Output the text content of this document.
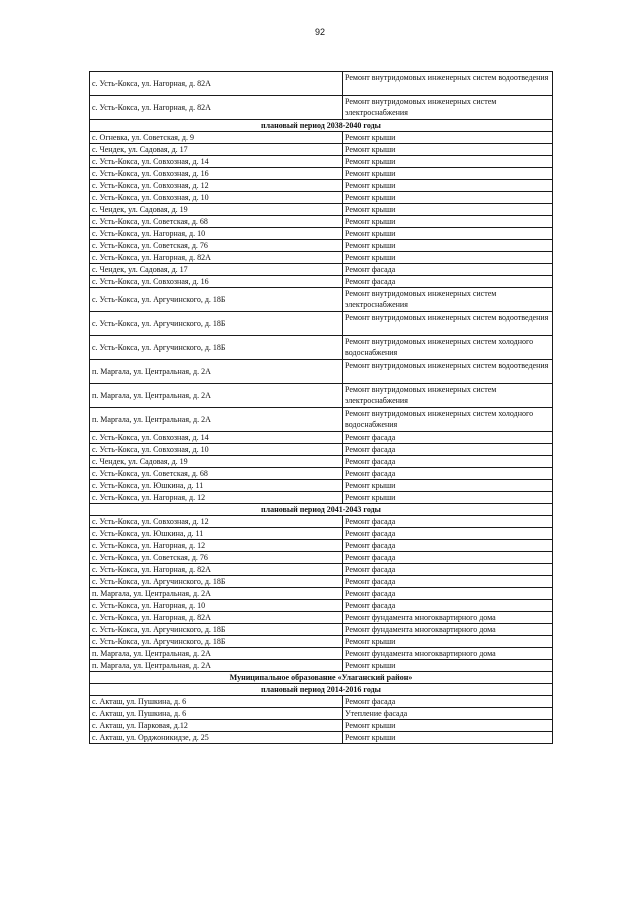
92
с. Усть-Кокса, ул. Нагорная, д. 82А	Ремонт внутридомовых инженерных систем водоотведения
с. Усть-Кокса, ул. Нагорная, д. 82А	Ремонт внутридомовых инженерных систем электроснабжения
плановый период 2038-2040 годы	
с. Огневка, ул. Советская, д. 9	Ремонт крыши
с. Чендек, ул. Садовая, д. 17	Ремонт крыши
с. Усть-Кокса, ул. Совхозная, д. 14	Ремонт крыши
с. Усть-Кокса, ул. Совхозная, д. 16	Ремонт крыши
с. Усть-Кокса, ул. Совхозная, д. 12	Ремонт крыши
с. Усть-Кокса, ул. Совхозная, д. 10	Ремонт крыши
с. Чендек, ул. Садовая, д. 19	Ремонт крыши
с. Усть-Кокса, ул. Советская, д. 68	Ремонт крыши
с. Усть-Кокса, ул. Нагорная, д. 10	Ремонт крыши
с. Усть-Кокса, ул. Советская, д. 76	Ремонт крыши
с. Усть-Кокса, ул. Нагорная, д. 82А	Ремонт крыши
с. Чендек, ул. Садовая, д. 17	Ремонт фасада
с. Усть-Кокса, ул. Совхозная, д. 16	Ремонт фасада
с. Усть-Кокса, ул. Аргучинского, д. 18Б	Ремонт внутридомовых инженерных систем электроснабжения
с. Усть-Кокса, ул. Аргучинского, д. 18Б	Ремонт внутридомовых инженерных систем водоотведения
с. Усть-Кокса, ул. Аргучинского, д. 18Б	Ремонт внутридомовых инженерных систем холодного водоснабжения
п. Маргала, ул. Центральная, д. 2А	Ремонт внутридомовых инженерных систем водоотведения
п. Маргала, ул. Центральная, д. 2А	Ремонт внутридомовых инженерных систем электроснабжения
п. Маргала, ул. Центральная, д. 2А	Ремонт внутридомовых инженерных систем холодного водоснабжения
с. Усть-Кокса, ул. Совхозная, д. 14	Ремонт фасада
с. Усть-Кокса, ул. Совхозная, д. 10	Ремонт фасада
с. Чендек, ул. Садовая, д. 19	Ремонт фасада
с. Усть-Кокса, ул. Советская, д. 68	Ремонт фасада
с. Усть-Кокса, ул. Юшкина, д. 11	Ремонт крыши
с. Усть-Кокса, ул. Нагорная, д. 12	Ремонт крыши
плановый период 2041-2043 годы	
с. Усть-Кокса, ул. Совхозная, д. 12	Ремонт фасада
с. Усть-Кокса, ул. Юшкина, д. 11	Ремонт фасада
с. Усть-Кокса, ул. Нагорная, д. 12	Ремонт фасада
с. Усть-Кокса, ул. Советская, д. 76	Ремонт фасада
с. Усть-Кокса, ул. Нагорная, д. 82А	Ремонт фасада
с. Усть-Кокса, ул. Аргучинского, д. 18Б	Ремонт фасада
п. Маргала, ул. Центральная, д. 2А	Ремонт фасада
с. Усть-Кокса, ул. Нагорная, д. 10	Ремонт фасада
с. Усть-Кокса, ул. Нагорная, д. 82А	Ремонт фундамента многоквартирного дома
с. Усть-Кокса, ул. Аргучинского, д. 18Б	Ремонт фундамента многоквартирного дома
с. Усть-Кокса, ул. Аргучинского, д. 18Б	Ремонт крыши
п. Маргала, ул. Центральная, д. 2А	Ремонт фундамента многоквартирного дома
п. Маргала, ул. Центральная, д. 2А	Ремонт крыши
Муниципальное образование «Улаганский район»	
плановый период 2014-2016 годы	
с. Акташ, ул. Пушкина, д. 6	Ремонт фасада
с. Акташ, ул. Пушкина, д. 6	Утепление фасада
с. Акташ, ул. Парковая, д.12	Ремонт крыши
с. Акташ, ул. Орджоникидзе, д. 25	Ремонт крыши
